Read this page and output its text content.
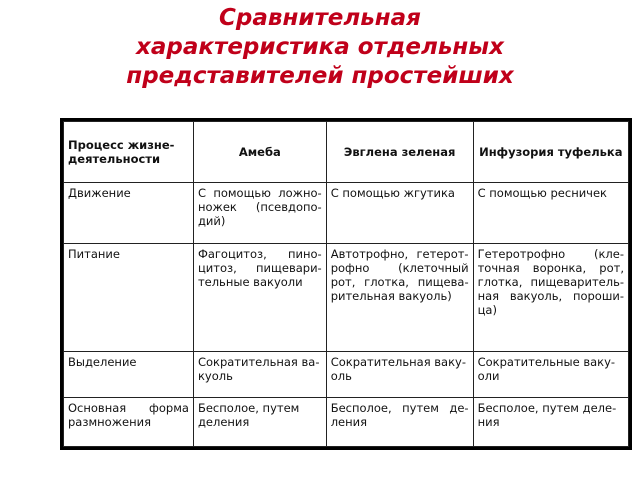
Сравнительная
характеристика отдельных
представителей простейших
Процесс жизне-деятельности	Амеба	Эвглена зеленая	Инфузория туфелька
Движение	С помощью ложно-ножек (псевдопо-дий)	С помощью жгутика	С помощью ресничек
Питание	Фагоцитоз, пино-цитоз, пищевари-тельные вакуоли	Автотрофно, гетерот-рофно (клеточный рот, глотка, пищева-рительная вакуоль)	Гетеротрофно (кле-точная воронка, рот, глотка, пищеваритель-ная вакуоль, пороши-ца)
Выделение	Сократительная ва-куоль	Сократительная ваку-оль	Сократительные ваку-оли
Основная форма размножения	Бесполое, путем деления	Бесполое, путем де-ления	Бесполое, путем деле-ния
